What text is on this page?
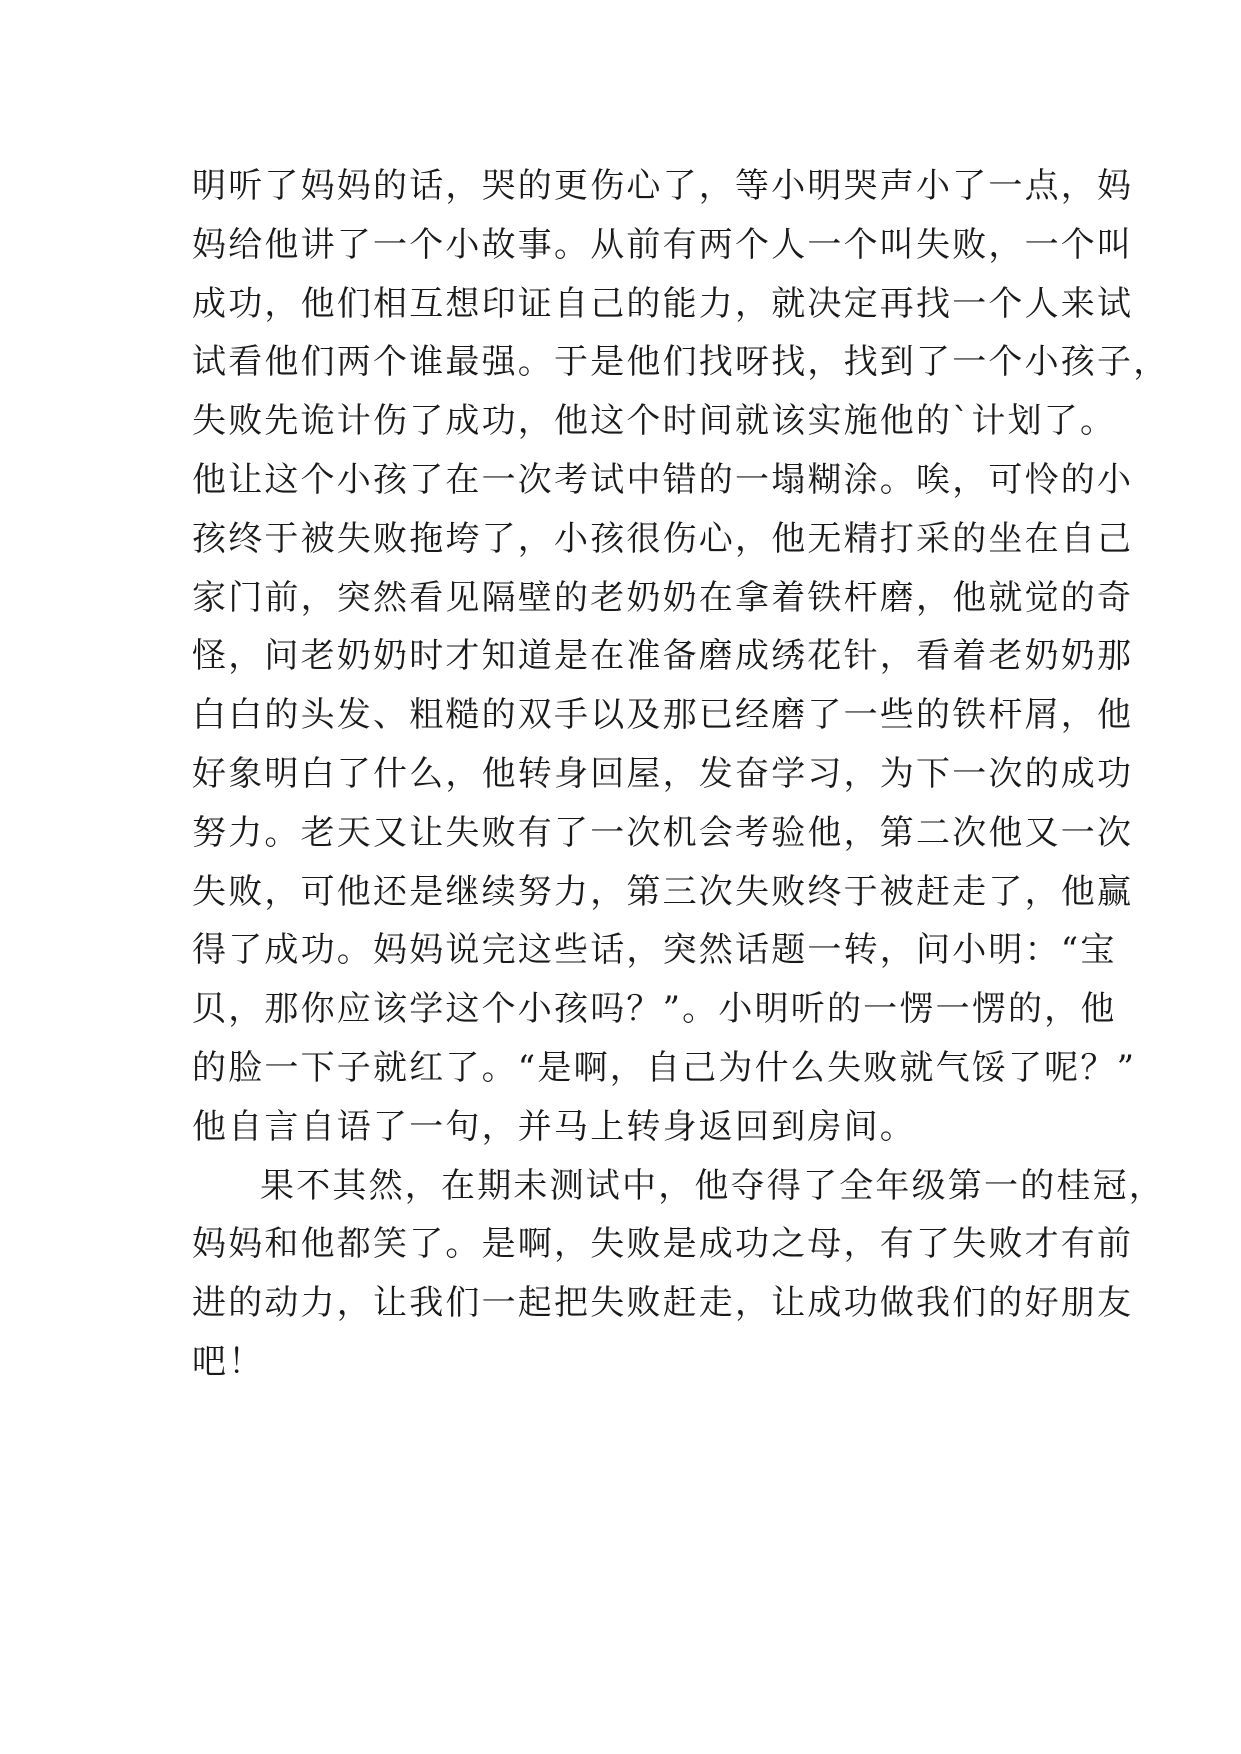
明听了妈妈的话，哭的更伤心了，等小明哭声小了一点，妈
妈给他讲了一个小故事。从前有两个人一个叫失败，一个叫
成功，他们相互想印证自己的能力，就决定再找一个人来试
试看他们两个谁最强。于是他们找呀找，找到了一个小孩子，
失败先诡计伤了成功，他这个时间就该实施他的`计划了。
他让这个小孩了在一次考试中错的一塌糊涂。唉，可怜的小
孩终于被失败拖垮了，小孩很伤心，他无精打采的坐在自己
家门前，突然看见隔壁的老奶奶在拿着铁杆磨，他就觉的奇
怪，问老奶奶时才知道是在准备磨成绣花针，看着老奶奶那
白白的头发、粗糙的双手以及那已经磨了一些的铁杆屑，他
好象明白了什么，他转身回屋，发奋学习，为下一次的成功
努力。老天又让失败有了一次机会考验他，第二次他又一次
失败，可他还是继续努力，第三次失败终于被赶走了，他赢
得了成功。妈妈说完这些话，突然话题一转，问小明：“宝
贝，那你应该学这个小孩吗？”。小明听的一愣一愣的，他
的脸一下子就红了。“是啊，自己为什么失败就气馁了呢？”
他自言自语了一句，并马上转身返回到房间。
果不其然，在期未测试中，他夺得了全年级第一的桂冠，
妈妈和他都笑了。是啊，失败是成功之母，有了失败才有前
进的动力，让我们一起把失败赶走，让成功做我们的好朋友
吧！
